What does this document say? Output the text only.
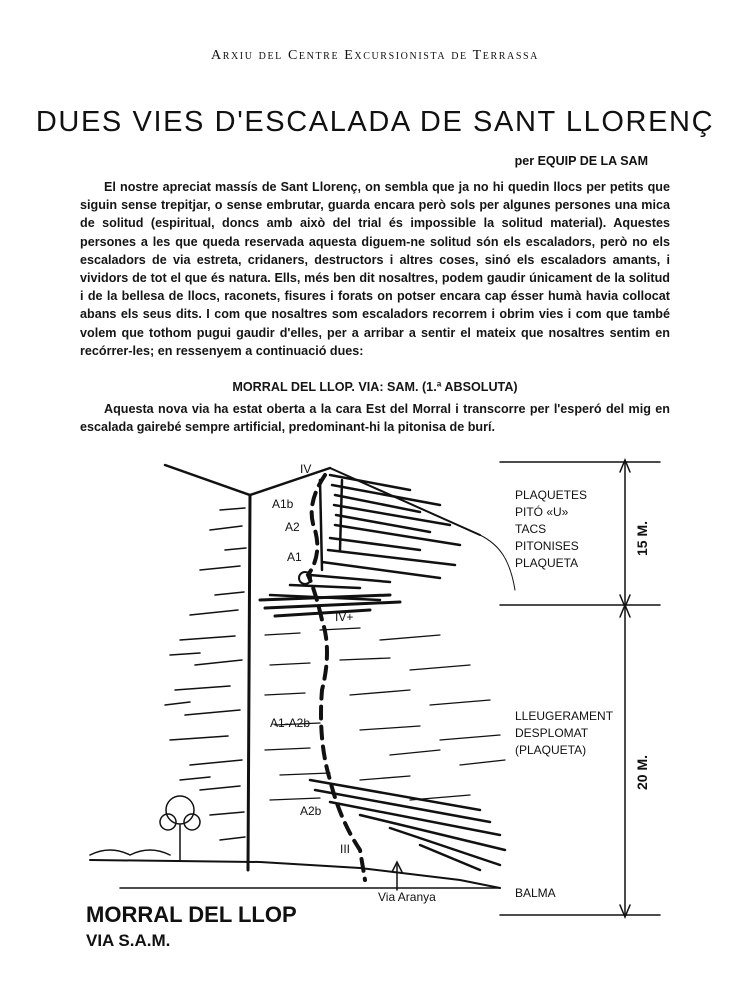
Arxiu del Centre Excursionista de Terrassa
DUES VIES D'ESCALADA DE SANT LLORENÇ
per EQUIP DE LA SAM

El nostre apreciat massís de Sant Llorenç, on sembla que ja no hi quedin llocs per petits que siguin sense trepitjar, o sense embrutar, guarda encara però sols per algunes persones una mica de solitud (espiritual, doncs amb això del trial és impossible la solitud material). Aquestes persones a les que queda reservada aquesta diguem-ne solitud són els escaladors, però no els escaladors de via estreta, cridaners, destructors i altres coses, sinó els escaladors amants, i vividors de tot el que és natura. Ells, més ben dit nosaltres, podem gaudir únicament de la solitud i de la bellesa de llocs, raconets, fisures i forats on potser encara cap ésser humà havia collocat abans els seus dits. I com que nosaltres som escaladors recorrem i obrim vies i com que també volem que tothom pugui gaudir d'elles, per a arribar a sentir el mateix que nosaltres sentim en recórrer-les; en ressenyem a continuació dues:

MORRAL DEL LLOP. VIA: SAM. (1.ª ABSOLUTA)

Aquesta nova via ha estat oberta a la cara Est del Morral i transcorre per l'esperó del mig en escalada gairebé sempre artificial, predominant-hi la pitonisa de burí.

IV
A1b
A2
A1
IV+
A1-A2b
A2b
III
Via Aranya
PLAQUETES
PITÓ «U»
TACS
PITONISES
PLAQUETA
LLEUGERAMENT
DESPLOMAT
(PLAQUETA)
BALMA
15 M.
20 M.
MORRAL DEL LLOP
VIA S.A.M.
